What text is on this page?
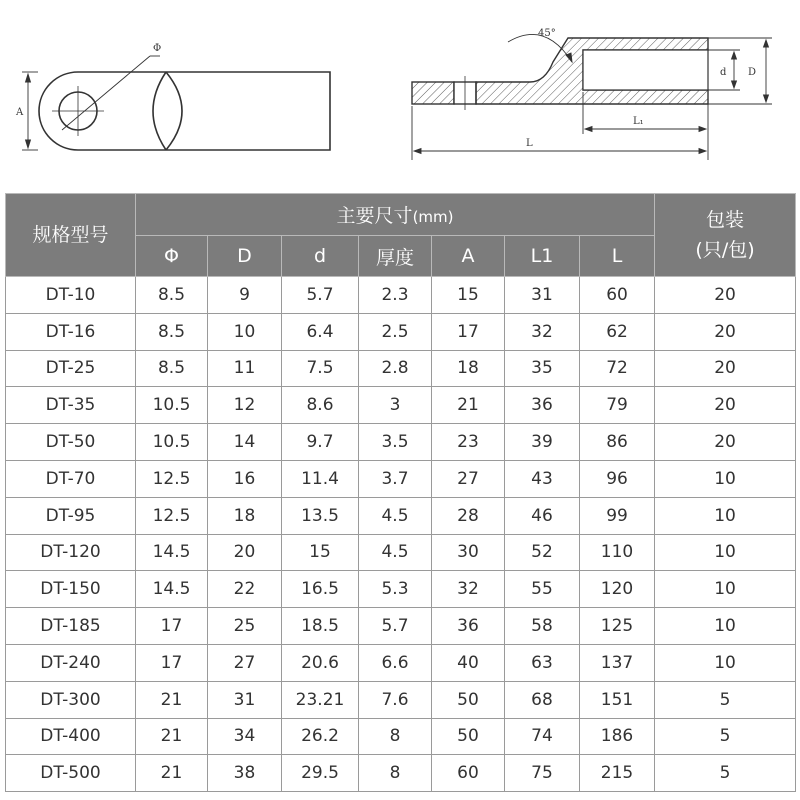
A
Φ
45°
d D
L₁
L
规格型号	主要尺寸(mm)							包装
(只/包)

	Φ	D	d	厚度	A	L1	L	
DT-10	8.5	9	5.7	2.3	15	31	60	20
DT-16	8.5	10	6.4	2.5	17	32	62	20
DT-25	8.5	11	7.5	2.8	18	35	72	20
DT-35	10.5	12	8.6	3	21	36	79	20
DT-50	10.5	14	9.7	3.5	23	39	86	20
DT-70	12.5	16	11.4	3.7	27	43	96	10
DT-95	12.5	18	13.5	4.5	28	46	99	10
DT-120	14.5	20	15	4.5	30	52	110	10
DT-150	14.5	22	16.5	5.3	32	55	120	10
DT-185	17	25	18.5	5.7	36	58	125	10
DT-240	17	27	20.6	6.6	40	63	137	10
DT-300	21	31	23.21	7.6	50	68	151	5
DT-400	21	34	26.2	8	50	74	186	5
DT-500	21	38	29.5	8	60	75	215	5
